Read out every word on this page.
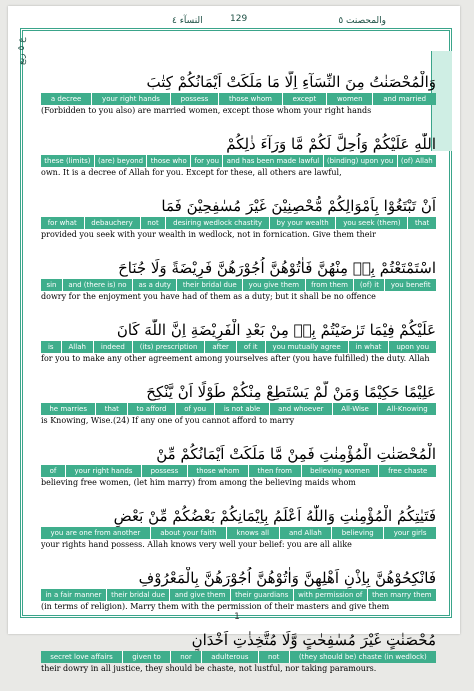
النسآء ٤	129	والمحصنت ٥
ع ٥ ربع
وَالْمُحْصَنٰتُ مِنَ النِّسَآءِ اِلَّا مَا مَلَكَتْ اَيْمَانُكُمْ كِتٰبَ
a decree	your right hands	possess	those whom	except	women	and married
(Forbidden to you also) are married women, except those whom your right hands
اللّٰهِ عَلَيْكُمْ وَاُحِلَّ لَكُمْ مَّا وَرَآءَ ذٰلِكُمْ
these (limits)	(are) beyond	those who	for you	and has been made lawful	(binding) upon you	(of) Allah
own. It is a decree of Allah for you. Except for these, all others are lawful,
اَنْ تَبْتَغُوْا بِاَمْوَالِكُمْ مُّحْصِنِيْنَ غَيْرَ مُسٰفِحِيْنَ فَمَا
for what	debauchery	not	desiring wedlock chastity	by your wealth	you seek (them)	that
provided you seek with your wealth in wedlock, not in fornication. Give them their
اسْتَمْتَعْتُمْ بِهٖ مِنْهُنَّ فَاٰتُوْهُنَّ اُجُوْرَهُنَّ فَرِيْضَةً وَلَا جُنَاحَ
sin	and (there is) no	as a duty	their bridal due	you give them	from them	(of) it	you benefit
dowry for the enjoyment you have had of them as a duty; but it shall be no offence
عَلَيْكُمْ فِيْمَا تَرٰضَيْتُمْ بِهٖ مِنْ بَعْدِ الْفَرِيْضَةِ اِنَّ اللّٰهَ كَانَ
is	Allah	indeed	(its) prescription	after	of it	you mutually agree	in what	upon you
for you to make any other agreement among yourselves after (you have fulfilled) the duty. Allah
عَلِيْمًا حَكِيْمًا وَمَنْ لَّمْ يَسْتَطِعْ مِنْكُمْ طَوْلًا اَنْ يَّنْكِحَ
he marries	that	to afford	of you	is not able	and whoever	All-Wise	All-Knowing
is Knowing, Wise.(24) If any one of you cannot afford to marry
الْمُحْصَنٰتِ الْمُؤْمِنٰتِ فَمِنْ مَّا مَلَكَتْ اَيْمَانُكُمْ مِّنْ
of	your right hands	possess	those whom	then from	believing women	free chaste
believing free women, (let him marry) from among the believing maids whom
فَتَيٰتِكُمُ الْمُؤْمِنٰتِ وَاللّٰهُ اَعْلَمُ بِاِيْمَانِكُمْ بَعْضُكُمْ مِّنْ بَعْضٍ
you are one from another	about your faith	knows all	and Allah	believing	your girls
your rights hand possess. Allah knows very well your belief: you are all alike
فَانْكِحُوْهُنَّ بِاِذْنِ اَهْلِهِنَّ وَاٰتُوْهُنَّ اُجُوْرَهُنَّ بِالْمَعْرُوْفِ
in a fair manner	their bridal due	and give them	their guardians	with permission of	then marry them
(in terms of religion). Marry them with the permission of their masters and give them
مُحْصَنٰتٍ غَيْرَ مُسٰفِحٰتٍ وَّلَا مُتَّخِذٰتِ اَخْدَانٍ
secret love affairs	given to	nor	adulterous	not	(they should be) chaste (in wedlock)
their dowry in all justice, they should be chaste, not lustful, nor taking paramours.
1
